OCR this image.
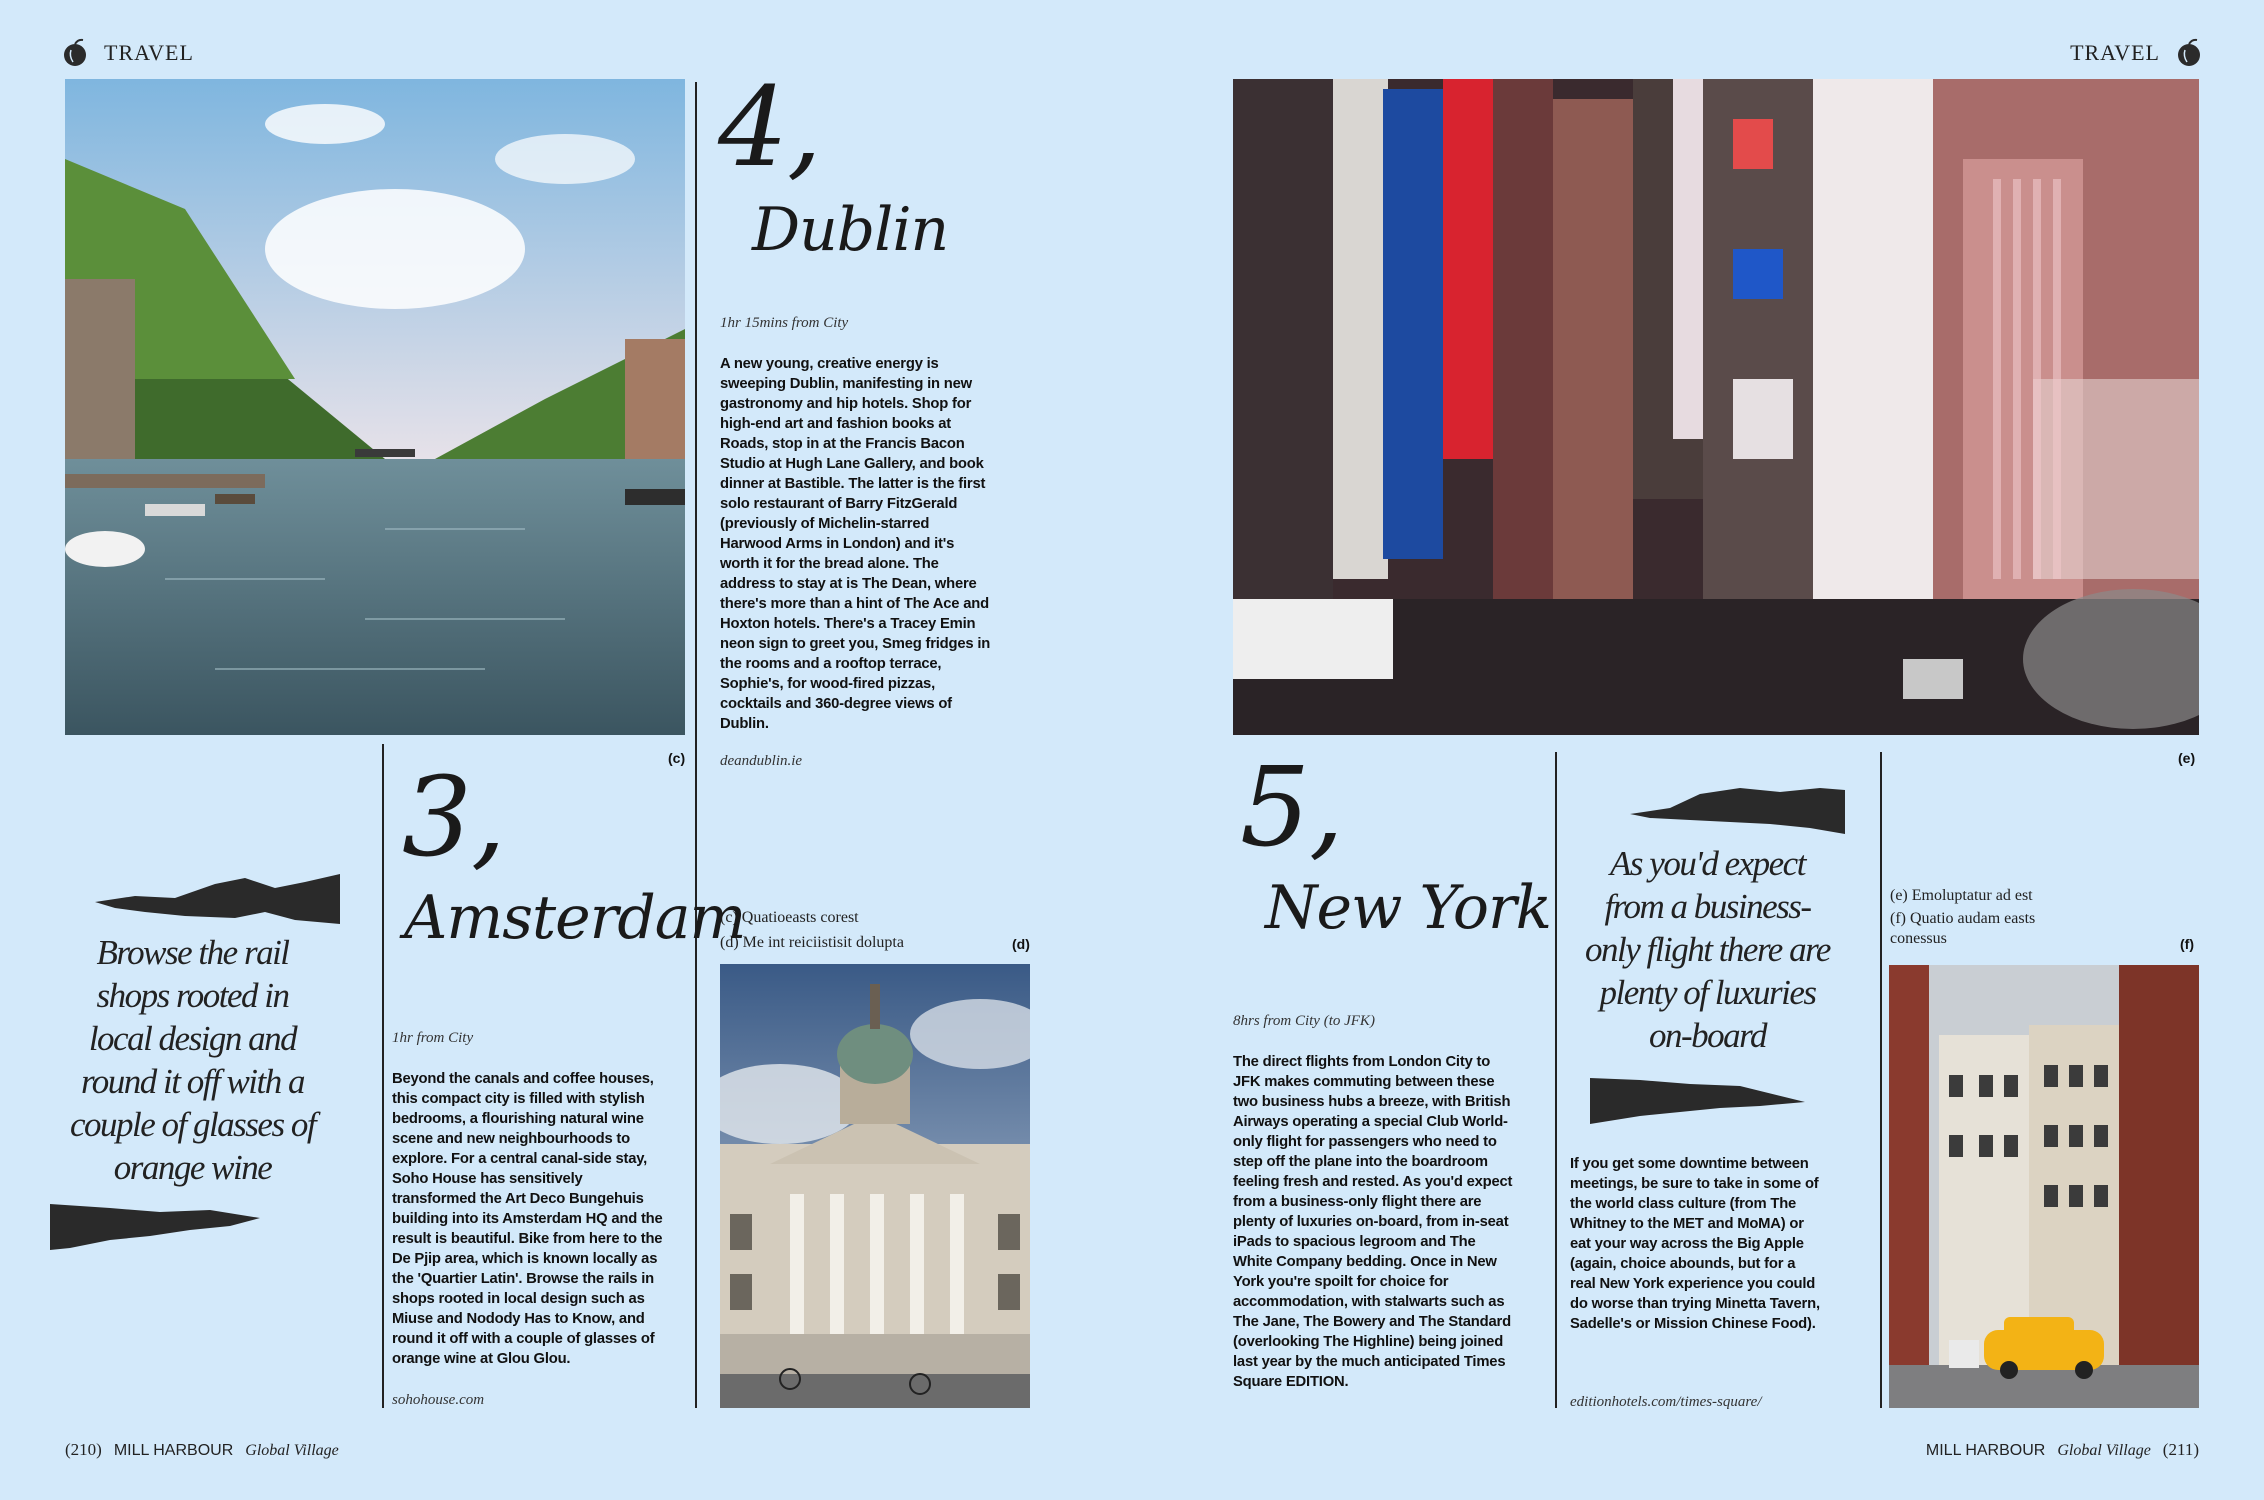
TRAVEL	TRAVEL
(c)
4,
Dublin
1hr 15mins from City
A new young, creative energy is sweeping Dublin, manifesting in new gastronomy and hip hotels. Shop for high-end art and fashion books at Roads, stop in at the Francis Bacon Studio at Hugh Lane Gallery, and book dinner at Bastible. The latter is the first solo restaurant of Barry FitzGerald (previously of Michelin-starred Harwood Arms in London) and it's worth it for the bread alone. The address to stay at is The Dean, where there's more than a hint of The Ace and Hoxton hotels. There's a Tracey Emin neon sign to greet you, Smeg fridges in the rooms and a rooftop terrace, Sophie's, for wood-fired pizzas, cocktails and 360-degree views of Dublin.
deandublin.ie
(c) Quatioeasts corest
(d) Me int reiciistisit dolupta	(d)
Browse the rail shops rooted in local design and round it off with a couple of glasses of orange wine
3,
Amsterdam
1hr from City
Beyond the canals and coffee houses, this compact city is filled with stylish bedrooms, a flourishing natural wine scene and new neighbourhoods to explore. For a central canal-side stay, Soho House has sensitively transformed the Art Deco Bungehuis building into its Amsterdam HQ and the result is beautiful. Bike from here to the De Pjip area, which is known locally as the 'Quartier Latin'. Browse the rails in shops rooted in local design such as Miuse and Nodody Has to Know, and round it off with a couple of glasses of orange wine at Glou Glou.
sohohouse.com
(e)
5,
New York
8hrs from City (to JFK)
The direct flights from London City to JFK makes commuting between these two business hubs a breeze, with British Airways operating a special Club World-only flight for passengers who need to step off the plane into the boardroom feeling fresh and rested. As you'd expect from a business-only flight there are plenty of luxuries on-board, from in-seat iPads to spacious legroom and The White Company bedding. Once in New York you're spoilt for choice for accommodation, with stalwarts such as The Jane, The Bowery and The Standard (overlooking The Highline) being joined last year by the much anticipated Times Square EDITION.
As you'd expect from a business-only flight there are plenty of luxuries on-board
If you get some downtime between meetings, be sure to take in some of the world class culture (from The Whitney to the MET and MoMA) or eat your way across the Big Apple (again, choice abounds, but for a real New York experience you could do worse than trying Minetta Tavern, Sadelle's or Mission Chinese Food).
editionhotels.com/times-square/
(e) Emoluptatur ad est
(f) Quatio audam easts conessus	(f)
(210) MILL HARBOUR Global Village	MILL HARBOUR Global Village (211)
